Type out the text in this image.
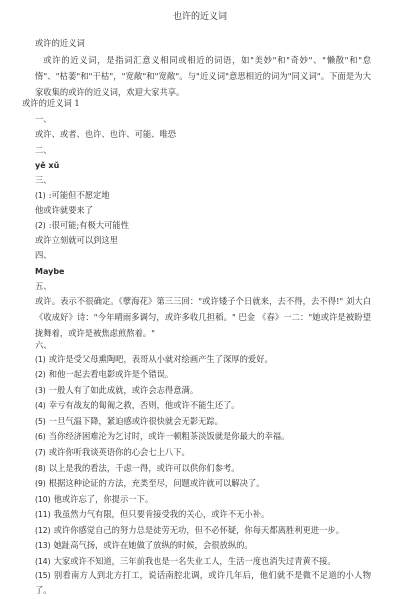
也许的近义词
或许的近义词
或许的近义词，是指词汇意义相同或相近的词语，如"美妙"和"奇妙"、"懒散"和"怠惰"、"枯萎"和"干枯"，"宽敞"和"宽敞"。与"近义词"意思相近的词为"同义词"。下面是为大家收集的或许的近义词，欢迎大家共享。
或许的近义词 1
一、
或许、或者、也许、也许、可能、唯恐
二、
yě xǔ
三、
(1) :可能但不愿定地
他或许就要来了
(2) :很可能;有极大可能性
或许立刻就可以到这里
四、
Maybe
五、
或许。表示不很确定。《孽海花》第三三回："或许矮子个日就来，去不得，去不得!" 刘大白 《收成好》诗："今年晴雨多调匀，或许多收几担稻。" 巴金 《春》一二："她或许是被盼望拢舞着，或许是被焦虑煎熬着。"
六、
(1) 或许是受父母熏陶吧，表哥从小就对绘画产生了深厚的爱好。
(2) 和他一起去看电影或许是个错误。
(3) 一般人有了如此成就，或许会志得意满。
(4) 幸亏有战友的匐匍之救，否则，他或许不能生还了。
(5) 一旦气温下降，紧迫感或许很快就会无影无踪。
(6) 当你经济困难沦为乞讨时，或许一顿粗茶淡饭就是你最大的幸福。
(7) 或许你听我谈英语你的心会七上八下。
(8) 以上是我的看法，千虑一得，或许可以供你们参考。
(9) 根据这种论证的方法，充类至尽，问题或许就可以解决了。
(10) 他或许忘了，你提示一下。
(11) 我虽然力气有限，但只要肯接受我的关心，或许不无小补。
(12) 或许你感觉自己的努力总是徒劳无功，但不必怀疑，你每天都离胜利更进一步。
(13) 她趾高气扬，或许在她做了放纵的时候，会很放纵的。
(14) 大家或许不知道，三年前我也是一名失业工人，生活一度也消失过青黄不接。
(15) 别看南方人到北方打工，说话南腔北调，或许几年后，他们就不是微不足道的小人物了。
